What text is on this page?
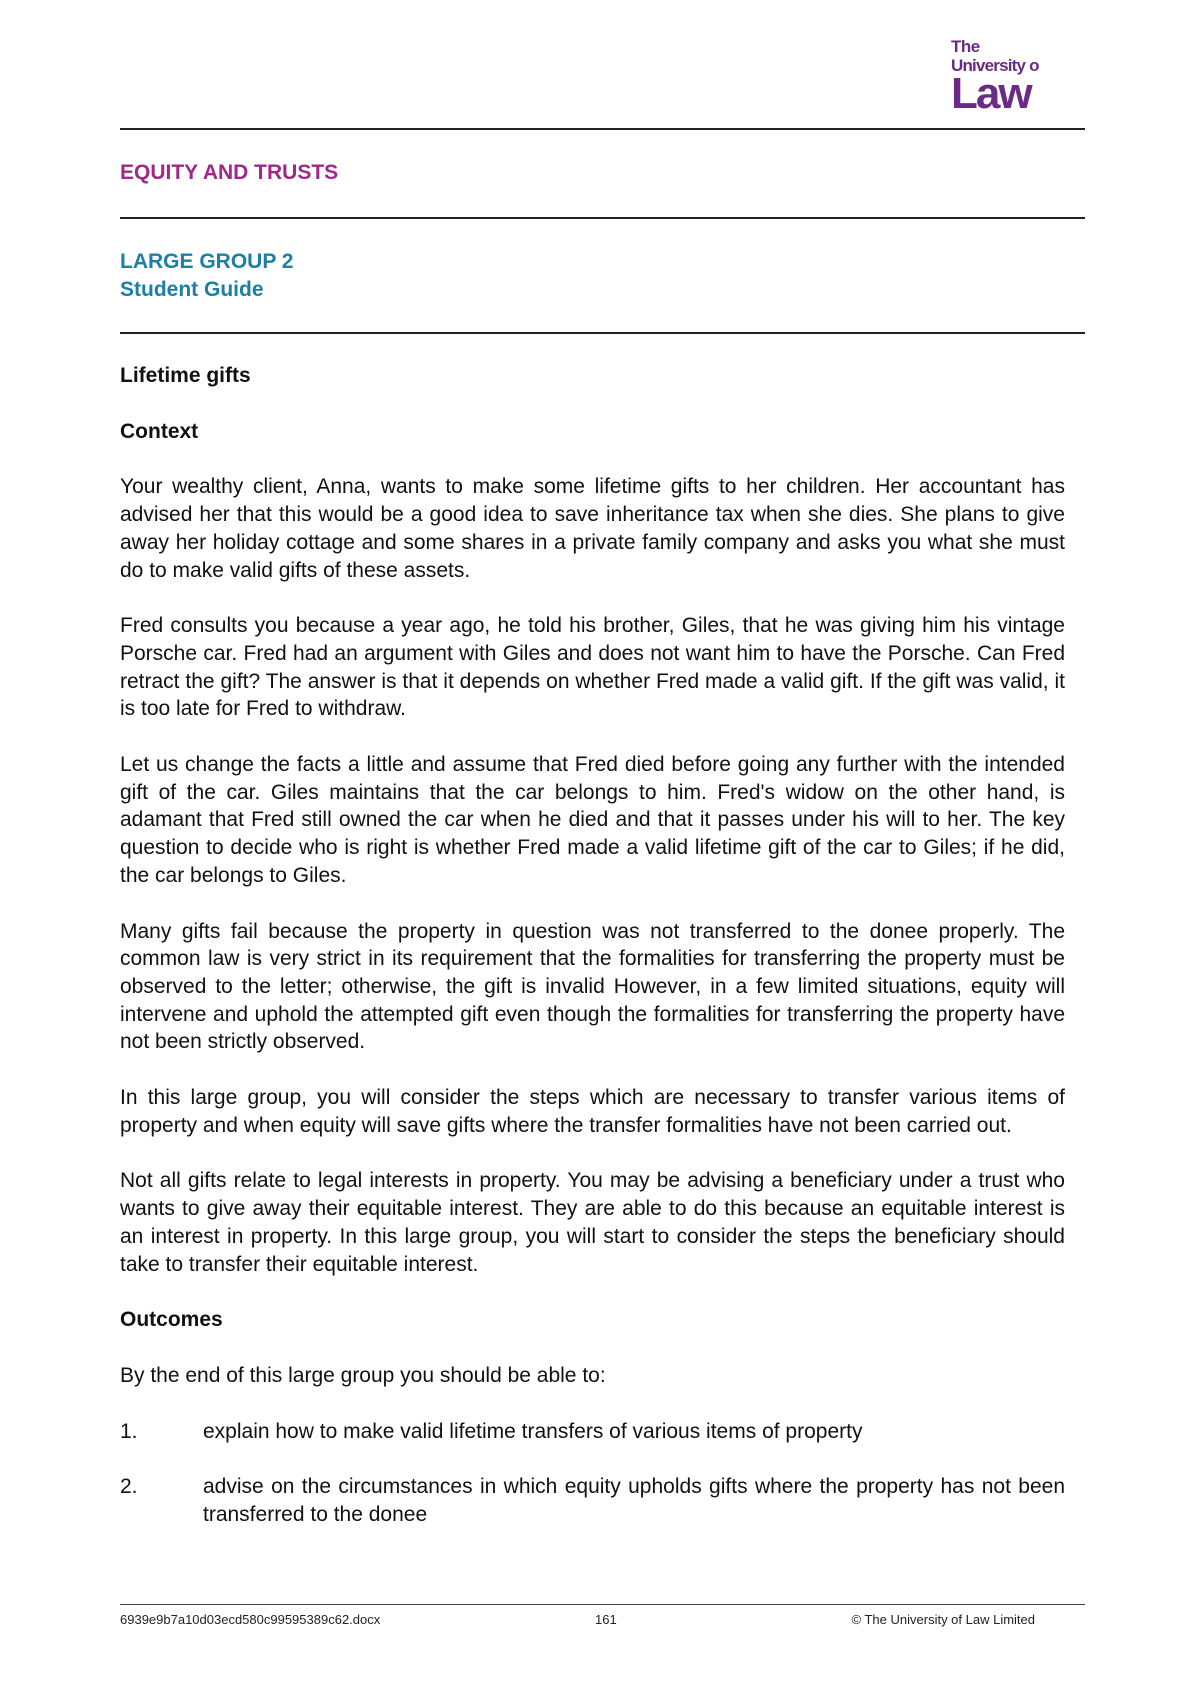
The
University o
Law
EQUITY AND TRUSTS
LARGE GROUP 2
Student Guide
Lifetime gifts
Context
Your wealthy client, Anna, wants to make some lifetime gifts to her children. Her accountant has advised her that this would be a good idea to save inheritance tax when she dies. She plans to give away her holiday cottage and some shares in a private family company and asks you what she must do to make valid gifts of these assets.
Fred consults you because a year ago, he told his brother, Giles, that he was giving him his vintage Porsche car. Fred had an argument with Giles and does not want him to have the Porsche. Can Fred retract the gift? The answer is that it depends on whether Fred made a valid gift. If the gift was valid, it is too late for Fred to withdraw.
Let us change the facts a little and assume that Fred died before going any further with the intended gift of the car. Giles maintains that the car belongs to him. Fred's widow on the other hand, is adamant that Fred still owned the car when he died and that it passes under his will to her. The key question to decide who is right is whether Fred made a valid lifetime gift of the car to Giles; if he did, the car belongs to Giles.
Many gifts fail because the property in question was not transferred to the donee properly. The common law is very strict in its requirement that the formalities for transferring the property must be observed to the letter; otherwise, the gift is invalid However, in a few limited situations, equity will intervene and uphold the attempted gift even though the formalities for transferring the property have not been strictly observed.
In this large group, you will consider the steps which are necessary to transfer various items of property and when equity will save gifts where the transfer formalities have not been carried out.
Not all gifts relate to legal interests in property. You may be advising a beneficiary under a trust who wants to give away their equitable interest. They are able to do this because an equitable interest is an interest in property. In this large group, you will start to consider the steps the beneficiary should take to transfer their equitable interest.
Outcomes
By the end of this large group you should be able to:
1.	explain how to make valid lifetime transfers of various items of property
2.	advise on the circumstances in which equity upholds gifts where the property has not been transferred to the donee
6939e9b7a10d03ecd580c99595389c62.docx	161	© The University of Law Limited
